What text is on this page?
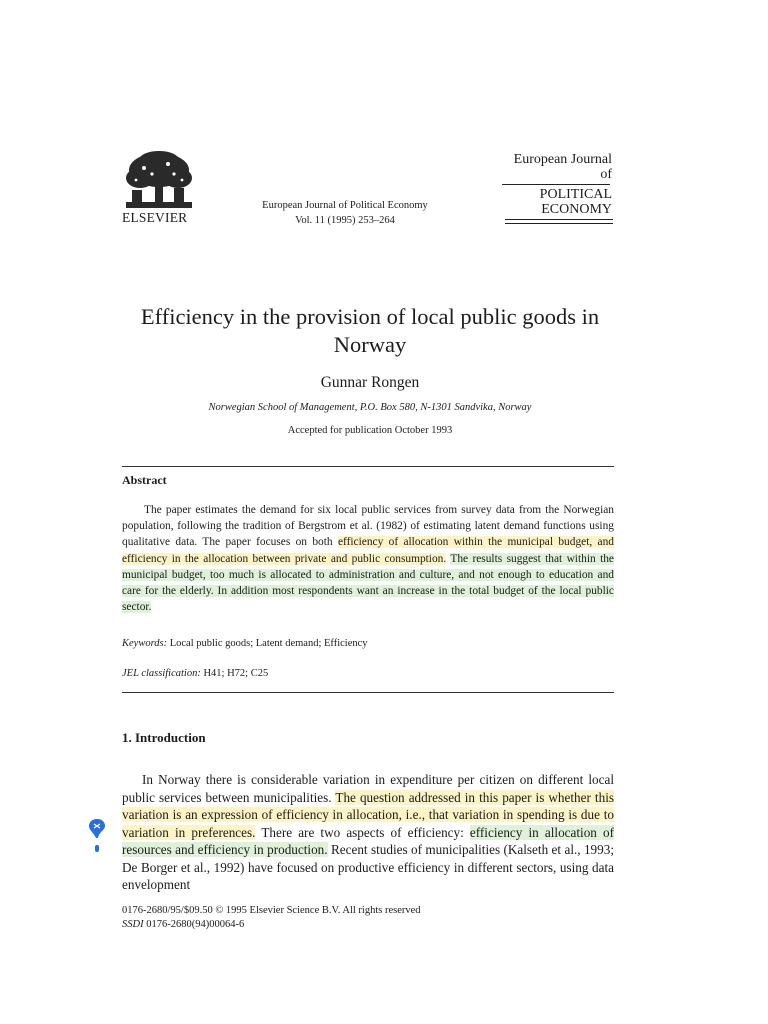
ELSEVIER
European Journal of Political Economy
Vol. 11 (1995) 253–264
European Journal of
POLITICAL
ECONOMY
Efficiency in the provision of local public goods in Norway
Gunnar Rongen
Norwegian School of Management, P.O. Box 580, N-1301 Sandvika, Norway
Accepted for publication October 1993
Abstract
The paper estimates the demand for six local public services from survey data from the Norwegian population, following the tradition of Bergstrom et al. (1982) of estimating latent demand functions using qualitative data. The paper focuses on both efficiency of allocation within the municipal budget, and efficiency in the allocation between private and public consumption. The results suggest that within the municipal budget, too much is allocated to administration and culture, and not enough to education and care for the elderly. In addition most respondents want an increase in the total budget of the local public sector.
Keywords: Local public goods; Latent demand; Efficiency
JEL classification: H41; H72; C25
1. Introduction
In Norway there is considerable variation in expenditure per citizen on different local public services between municipalities. The question addressed in this paper is whether this variation is an expression of efficiency in allocation, i.e., that variation in spending is due to variation in preferences. There are two aspects of efficiency: efficiency in allocation of resources and efficiency in production. Recent studies of municipalities (Kalseth et al., 1993; De Borger et al., 1992) have focused on productive efficiency in different sectors, using data envelopment
0176-2680/95/$09.50 © 1995 Elsevier Science B.V. All rights reserved
SSDI 0176-2680(94)00064-6
